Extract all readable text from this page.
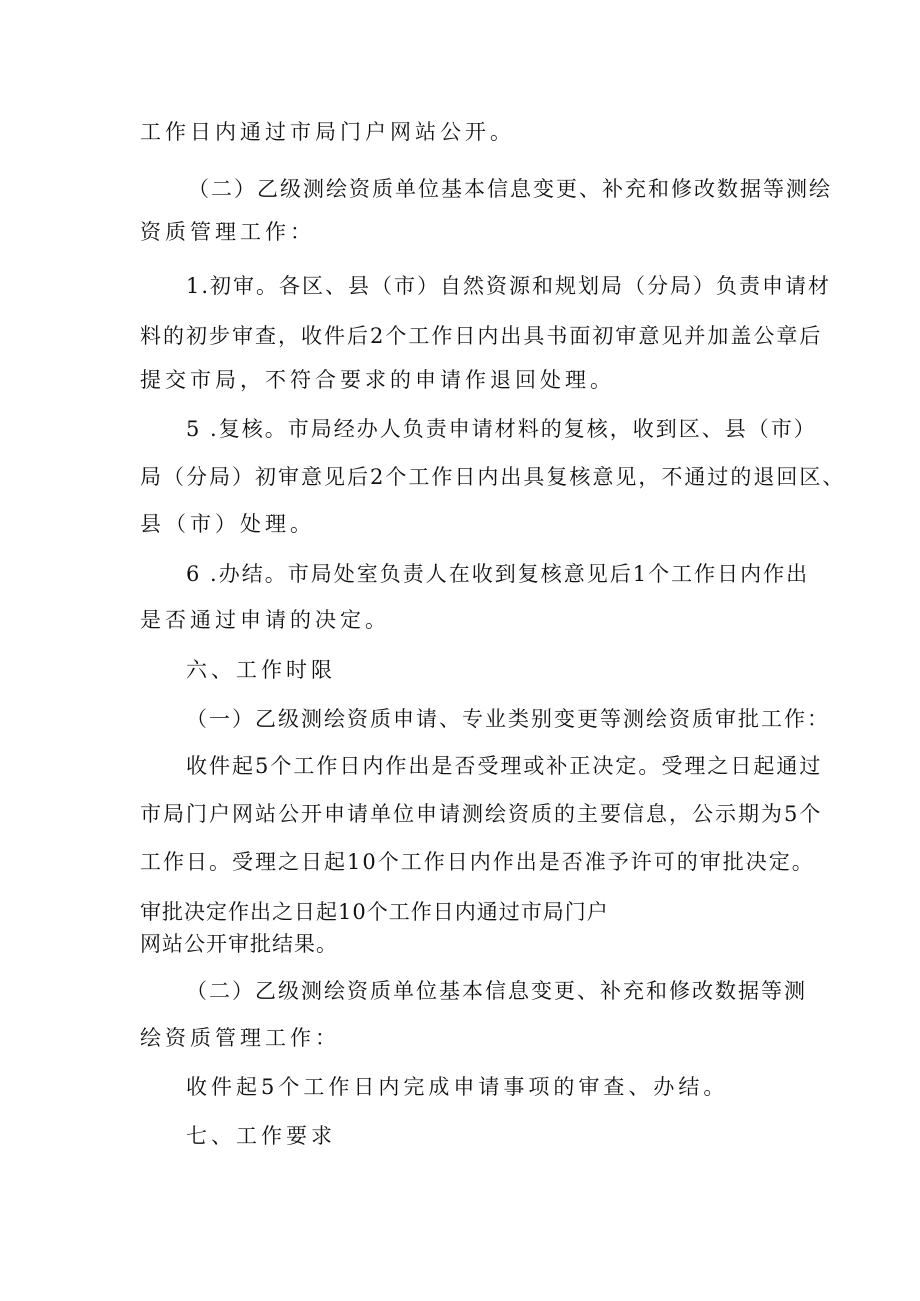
工作日内通过市局门户网站公开。
（二）乙级测绘资质单位基本信息变更、补充和修改数据等测绘
资质管理工作：
1.初审。各区、县（市）自然资源和规划局（分局）负责申请材
料的初步审查，收件后2个工作日内出具书面初审意见并加盖公章后
提交市局，不符合要求的申请作退回处理。
5 .复核。市局经办人负责申请材料的复核，收到区、县（市）
局（分局）初审意见后2个工作日内出具复核意见，不通过的退回区、
县（市）处理。
6 .办结。市局处室负责人在收到复核意见后1个工作日内作出
是否通过申请的决定。
六、工作时限
（一）乙级测绘资质申请、专业类别变更等测绘资质审批工作：
收件起5个工作日内作出是否受理或补正决定。受理之日起通过
市局门户网站公开申请单位申请测绘资质的主要信息，公示期为5个
工作日。受理之日起10个工作日内作出是否准予许可的审批决定。
审批决定作出之日起10个工作日内通过市局门户
网站公开审批结果。
（二）乙级测绘资质单位基本信息变更、补充和修改数据等测
绘资质管理工作：
收件起5个工作日内完成申请事项的审查、办结。
七、工作要求
